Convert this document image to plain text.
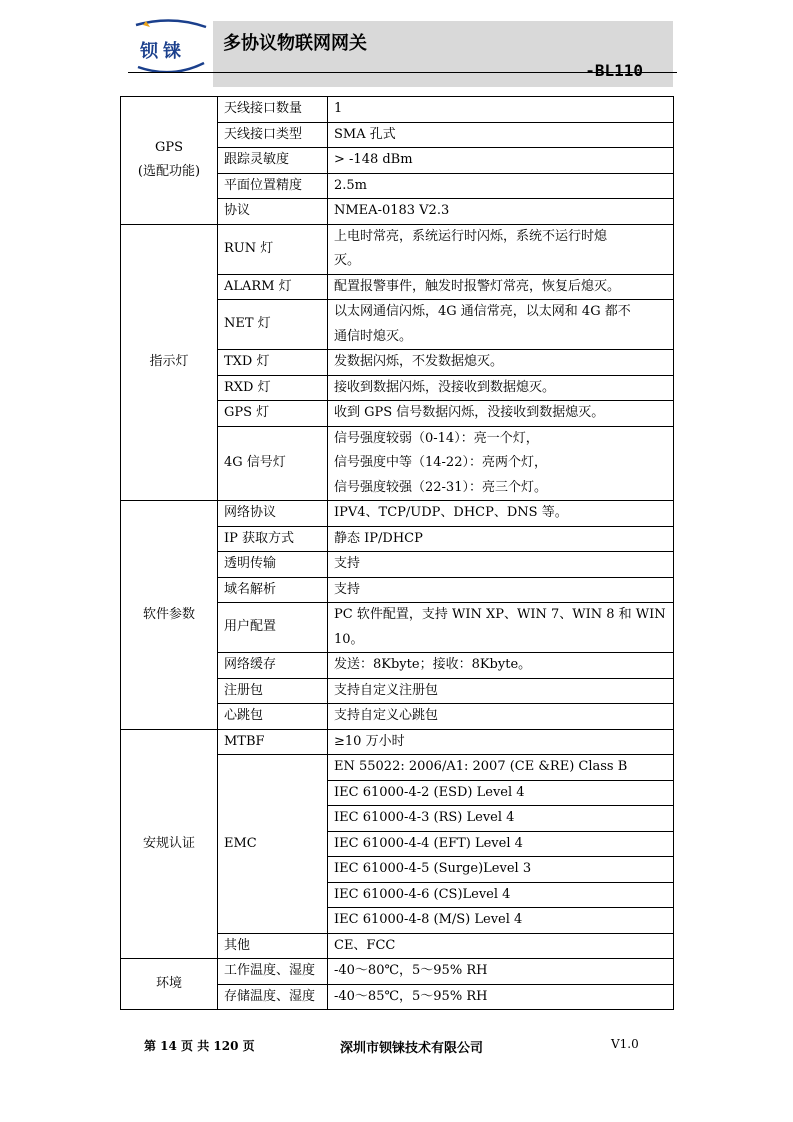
钡铼 多协议物联网网关
-BL110
GPS
(选配功能)	天线接口数量	1

	天线接口类型	SMA 孔式

	跟踪灵敏度	> -148 dBm

	平面位置精度	2.5m

	协议	NMEA-0183 V2.3

指示灯	RUN 灯	上电时常亮，系统运行时闪烁，系统不运行时熄
灭。

	ALARM 灯	配置报警事件，触发时报警灯常亮，恢复后熄灭。

	NET 灯	以太网通信闪烁，4G 通信常亮，以太网和 4G 都不
通信时熄灭。

	TXD 灯	发数据闪烁，不发数据熄灭。

	RXD 灯	接收到数据闪烁，没接收到数据熄灭。

	GPS 灯	收到 GPS 信号数据闪烁，没接收到数据熄灭。

	4G 信号灯	信号强度较弱（0-14）：亮一个灯，
信号强度中等（14-22）：亮两个灯，
信号强度较强（22-31）：亮三个灯。

软件参数	网络协议	IPV4、TCP/UDP、DHCP、DNS 等。

	IP 获取方式	静态 IP/DHCP

	透明传输	支持

	域名解析	支持

	用户配置	PC 软件配置，支持 WIN XP、WIN 7、WIN 8 和 WIN
10。

	网络缓存	发送：8Kbyte；接收：8Kbyte。

	注册包	支持自定义注册包

	心跳包	支持自定义心跳包

安规认证	MTBF	≥10 万小时

	EMC	EN 55022: 2006/A1: 2007 (CE &RE) Class B

		IEC 61000-4-2 (ESD) Level 4

		IEC 61000-4-3 (RS) Level 4

		IEC 61000-4-4 (EFT) Level 4

		IEC 61000-4-5 (Surge)Level 3

		IEC 61000-4-6 (CS)Level 4

		IEC 61000-4-8 (M/S) Level 4

	其他	CE、FCC

环境	工作温度、湿度	-40～80℃，5～95% RH

	存储温度、湿度	-40～85℃，5～95% RH
第 14 页 共 120 页	深圳市钡铼技术有限公司	V1.0
